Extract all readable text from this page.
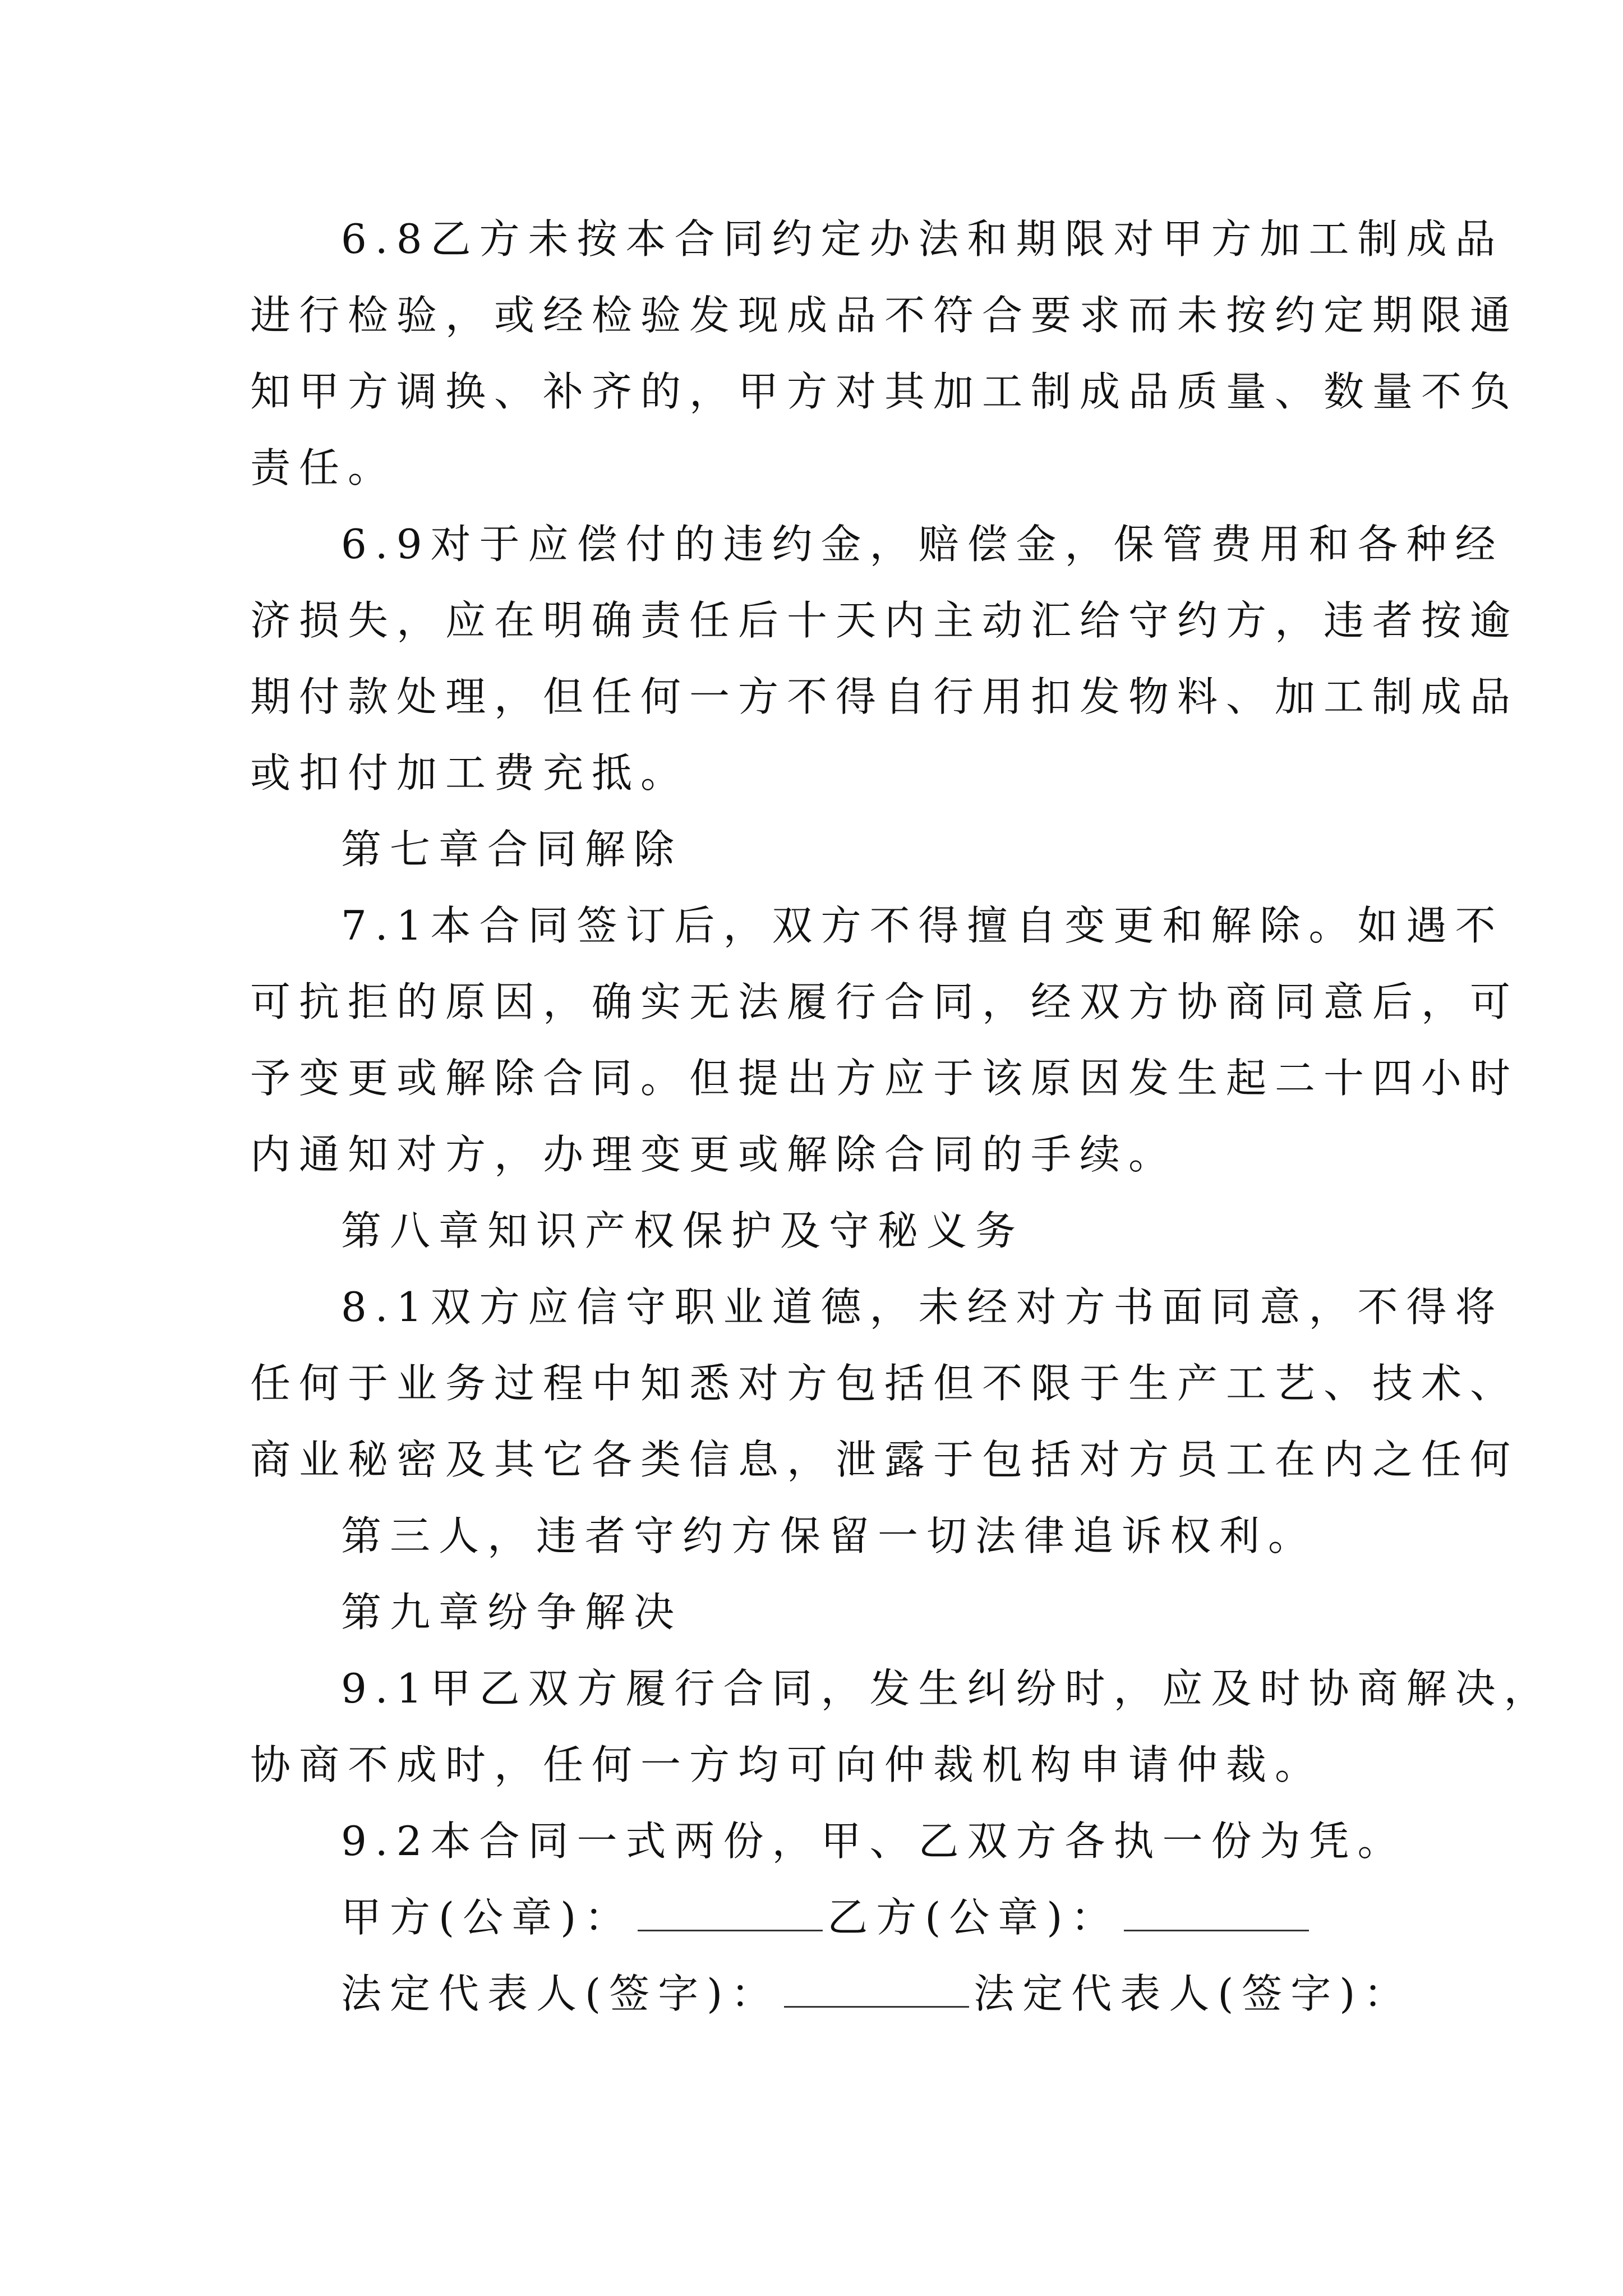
6.8乙方未按本合同约定办法和期限对甲方加工制成品
进行检验，或经检验发现成品不符合要求而未按约定期限通
知甲方调换、补齐的，甲方对其加工制成品质量、数量不负
责任。
6.9对于应偿付的违约金，赔偿金，保管费用和各种经
济损失，应在明确责任后十天内主动汇给守约方，违者按逾
期付款处理，但任何一方不得自行用扣发物料、加工制成品
或扣付加工费充抵。
第七章合同解除
7.1本合同签订后，双方不得擅自变更和解除。如遇不
可抗拒的原因，确实无法履行合同，经双方协商同意后，可
予变更或解除合同。但提出方应于该原因发生起二十四小时
内通知对方，办理变更或解除合同的手续。
第八章知识产权保护及守秘义务
8.1双方应信守职业道德，未经对方书面同意，不得将
任何于业务过程中知悉对方包括但不限于生产工艺、技术、
商业秘密及其它各类信息，泄露于包括对方员工在内之任何
第三人，违者守约方保留一切法律追诉权利。
第九章纷争解决
9.1甲乙双方履行合同，发生纠纷时，应及时协商解决，
协商不成时，任何一方均可向仲裁机构申请仲裁。
9.2本合同一式两份，甲、乙双方各执一份为凭。
甲方(公章)：	乙方(公章)：
法定代表人(签字)：	法定代表人(签字)：
